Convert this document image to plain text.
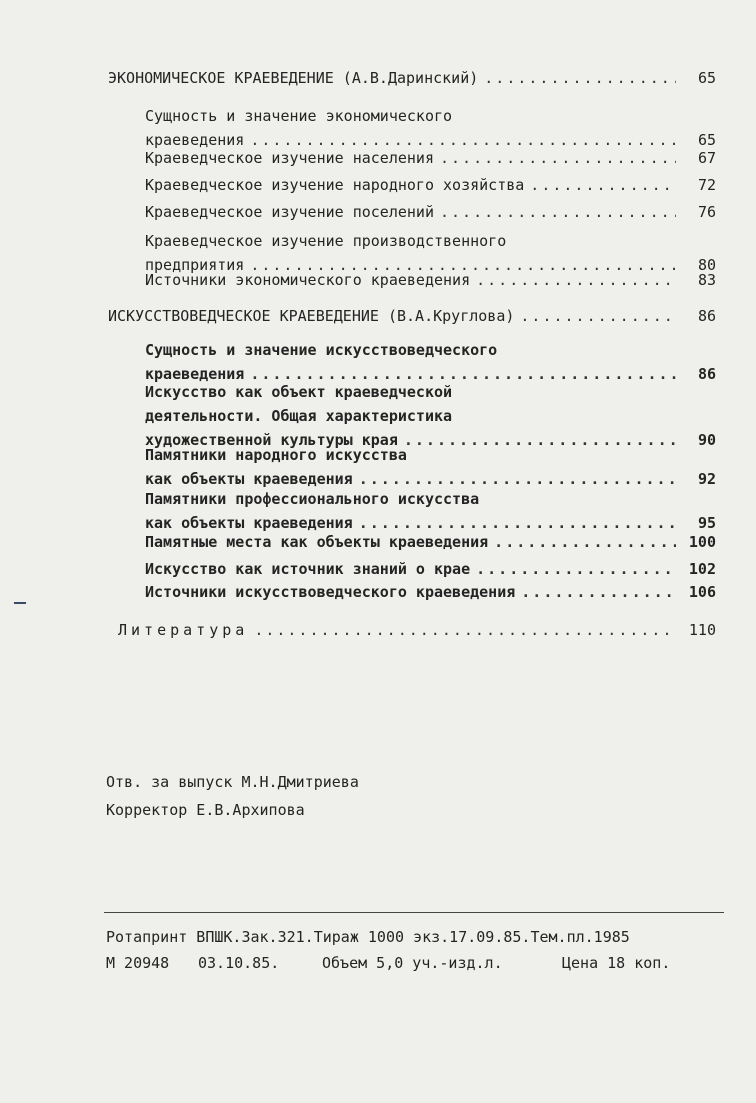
ЭКОНОМИЧЕСКОЕ КРАЕВЕДЕНИЕ (А.В.Даринский) .....	65
Сущность и значение экономического
краеведения .....	65
Краеведческое изучение населения .....	67
Краеведческое изучение народного хозяйства .....	72
Краеведческое изучение поселений .....	76
Краеведческое изучение производственного
предприятия .....	80
Источники экономического краеведения .....	83
ИСКУССТВОВЕДЧЕСКОЕ КРАЕВЕДЕНИЕ (В.А.Круглова) .....	86
Сущность и значение искусствоведческого
краеведения .....	86
Искусство как объект краеведческой
деятельности. Общая характеристика
художественной культуры края .....	90
Памятники народного искусства
как объекты краеведения .....	92
Памятники профессионального искусства
как объекты краеведения .....	95
Памятные места как объекты краеведения .....	100
Искусство как источник знаний о крае .....	102
Источники искусствоведческого краеведения .....	106
Литература .....	110
Отв. за выпуск М.Н.Дмитриева
Корректор Е.В.Архипова
Ротапринт ВПШК.Зак.321.Тираж 1000 экз.17.09.85.Тем.пл.1985
М 20948 03.10.85.	Объем 5,0 уч.-изд.л.	Цена 18 коп.
